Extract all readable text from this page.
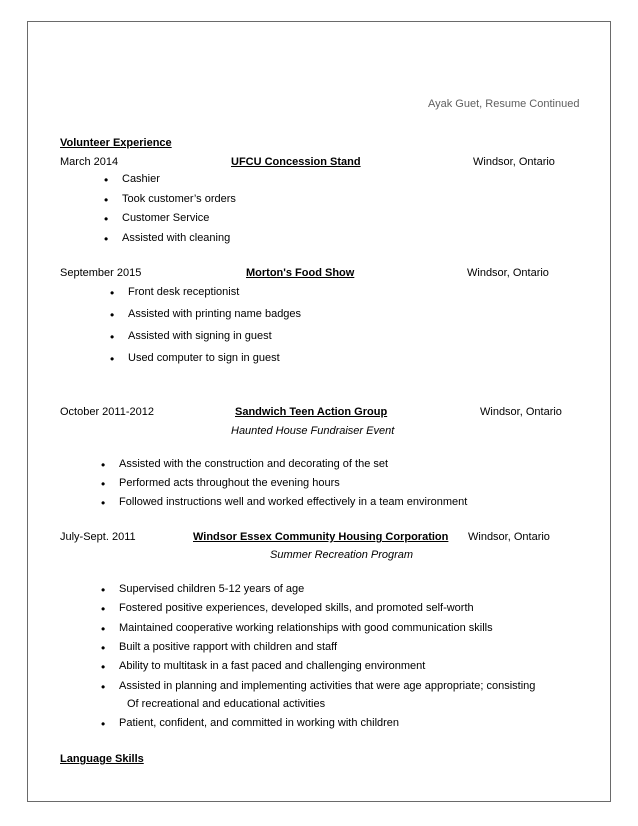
Ayak Guet, Resume Continued
Volunteer Experience
March 2014	UFCU Concession Stand	Windsor, Ontario
• Cashier
• Took customer’s orders
• Customer Service
• Assisted with cleaning
September 2015	Morton's Food Show	Windsor, Ontario
• Front desk receptionist
• Assisted with printing name badges
• Assisted with signing in guest
• Used computer to sign in guest
October 2011-2012	Sandwich Teen Action Group	Windsor, Ontario
Haunted House Fundraiser Event
• Assisted with the construction and decorating of the set
• Performed acts throughout the evening hours
• Followed instructions well and worked effectively in a team environment
July-Sept. 2011	Windsor Essex Community Housing Corporation Windsor, Ontario
Summer Recreation Program
• Supervised children 5-12 years of age
• Fostered positive experiences, developed skills, and promoted self-worth
• Maintained cooperative working relationships with good communication skills
• Built a positive rapport with children and staff
• Ability to multitask in a fast paced and challenging environment
• Assisted in planning and implementing activities that were age appropriate; consisting
Of recreational and educational activities
• Patient, confident, and committed in working with children
Language Skills
